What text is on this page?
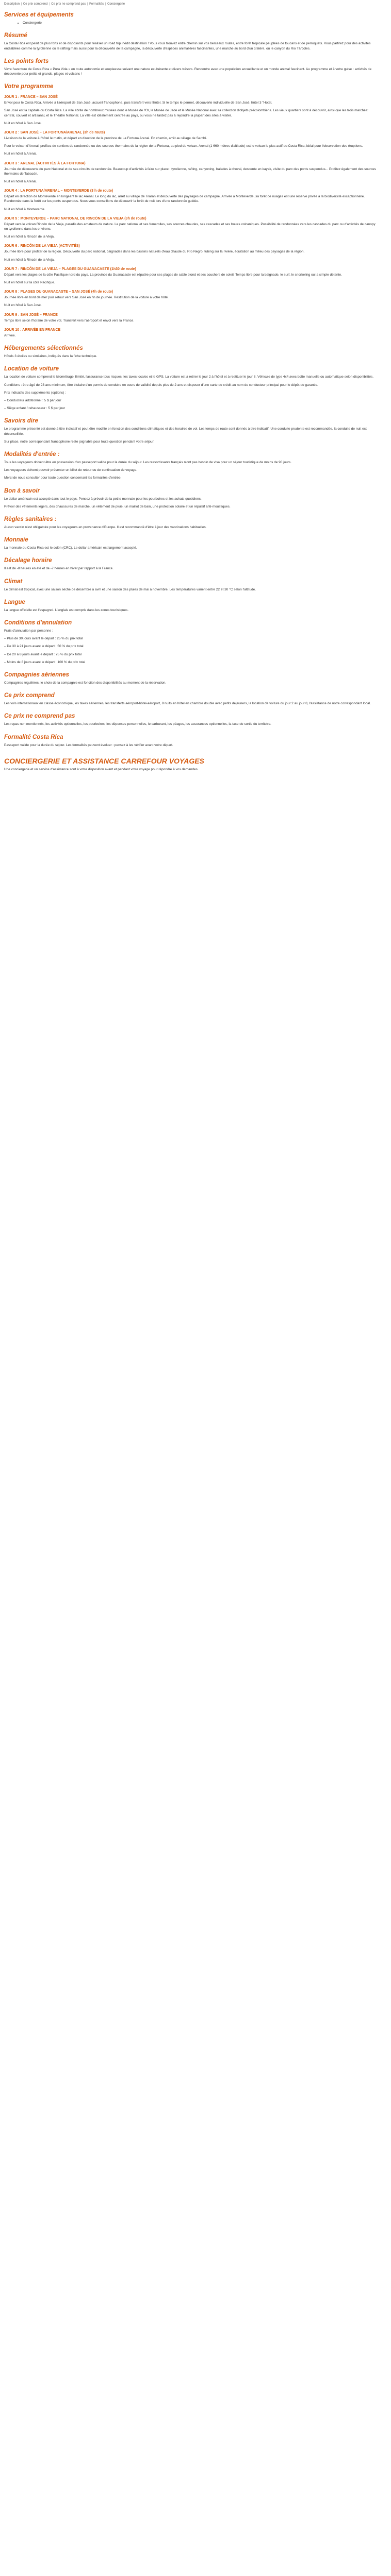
Description | Ce prix comprend | Ce prix ne comprend pas | Formalités | Conciergerie
Services et équipements
• Conciergerie
Résumé

La Costa Rica est peint de plus forts et de disposants pour réaliser un road trip inédit destination ! Vous vous trouvez entre chemin sur vos berceaux routes, entre forêt tropicale peuplées de toucans et de perroquets. Vous partirez pour des activités endiablées comme la tyrolienne ou le rafting mais aussi pour la découverte de la campagne, la découverte d'espèces animalières fascinantes, une marche au bord d'un cratère, ou le canyon du Rio Tárcoles.

Les points forts

Vivre l'aventure de Costa Rica « Pura Vida » en toute autonomie et soupleesse suivant une nature exubérante et divers trésors. Rencontre avec une population accueillante et un monde animal fascinant. Au programme et à votre guise : activités de découverte pour petits et grands, plages et volcans !

Votre programme
JOUR 1 : FRANCE – SAN JOSÉ

Envol pour le Costa Rica. Arrivée à l'aéroport de San José, accueil francophone, puis transfert vers l'hôtel. Si le temps le permet, découverte individuelle de San José, hôtel 3 "Hotel.

San José est la capitale du Costa Rica. La ville abrite de nombreux musées dont le Musée de l'Or, le Musée de Jade et le Musée National avec sa collection d'objets précolombiens. Les vieux quartiers sont à découvrir, ainsi que les trois marchés: central, couvert et artisanal, et le Théâtre National. La ville est idéalement centrée au pays, ou vous ne tardez pas à rejoindre la plupart des sites à visiter.

Nuit en hôtel à San José.

JOUR 2 : SAN JOSÉ – LA FORTUNA/ARENAL (3h de route)

Livraison de la voiture à l'hôtel le matin, et départ en direction de la province de La Fortuna Arenal. En chemin, arrêt au village de Sarchí.

Pour le volcan d'Arenal, profitez de sentiers de randonnée ou des sources thermales de la région de la Fortuna, au pied du volcan. Arenal (1 660 mètres d'altitude) est le volcan le plus actif du Costa Rica, idéal pour l'observation des éruptions.

Nuit en hôtel à Arenal.

JOUR 3 : ARENAL (ACTIVITÉS À LA FORTUNA)

Journée de découverte du parc National et de ses circuits de randonnée. Beaucoup d'activités à faire sur place : tyrolienne, rafting, canyoning, balades à cheval, descente en kayak, visite du parc des ponts suspendus... Profitez également des sources thermales de Tabacón.

Nuit en hôtel à Arenal.

JOUR 4 : LA FORTUNA/ARENAL – MONTEVERDE (3 h de route)

Départ en direction de Monteverde en longeant le lac Arenal. Le long du lac, arrêt au village de Tilarán et découverte des paysages de campagne. Arrivée à Monteverde, sa forêt de nuages est une réserve privée à la biodiversité exceptionnelle. Randonnée dans la forêt sur les ponts suspendus. Nous vous conseillons de découvrir la forêt de nuit lors d'une randonnée guidée.

Nuit en hôtel à Monteverde.

JOUR 5 : MONTEVERDE – PARC NATIONAL DE RINCÓN DE LA VIEJA (3h de route)

Départ vers le volcan Rincón de la Vieja, paradis des amateurs de nature. Le parc national et ses fumerolles, ses sources chaudes, ses cascades et ses boues volcaniques. Possibilité de randonnées vers les cascades du parc ou d'activités de canopy en tyrolienne dans les environs.

Nuit en hôtel à Rincón de la Vieja.

JOUR 6 : RINCÓN DE LA VIEJA (ACTIVITÉS)

Journée libre pour profiter de la région. Découverte du parc national, baignades dans les bassins naturels d'eau chaude du Río Negro, tubing sur la rivière, équitation au milieu des paysages de la région.

Nuit en hôtel à Rincón de la Vieja.

JOUR 7 : RINCÓN DE LA VIEJA – PLAGES DU GUANACASTE (1h30 de route)

Départ vers les plages de la côte Pacifique nord du pays. La province du Guanacaste est réputée pour ses plages de sable blond et ses couchers de soleil. Temps libre pour la baignade, le surf, le snorkeling ou la simple détente.

Nuit en hôtel sur la côte Pacifique.

JOUR 8 : PLAGES DU GUANACASTE – SAN JOSÉ (4h de route)

Journée libre en bord de mer puis retour vers San José en fin de journée. Restitution de la voiture à votre hôtel.

Nuit en hôtel à San José.

JOUR 9 : SAN JOSÉ – FRANCE

Temps libre selon l'horaire de votre vol. Transfert vers l'aéroport et envol vers la France.

JOUR 10 : ARRIVÉE EN FRANCE

Arrivée.

Hébergements sélectionnés

Hôtels 3 étoiles ou similaires, indiqués dans la fiche technique.

Location de voiture

La location de voiture comprend le kilométrage illimité, l'assurance tous risques, les taxes locales et le GPS. La voiture est à retirer le jour 2 à l'hôtel et à restituer le jour 8. Véhicule de type 4x4 avec boîte manuelle ou automatique selon disponibilités.

Conditions : être âgé de 23 ans minimum, être titulaire d'un permis de conduire en cours de validité depuis plus de 2 ans et disposer d'une carte de crédit au nom du conducteur principal pour le dépôt de garantie.

Prix indicatifs des suppléments (options) :

– Conducteur additionnel : 5 $ par jour

– Siège enfant / rehausseur : 5 $ par jour

Savoirs dire

Le programme présenté est donné à titre indicatif et peut être modifié en fonction des conditions climatiques et des horaires de vol. Les temps de route sont donnés à titre indicatif. Une conduite prudente est recommandée, la conduite de nuit est déconseillée.

Sur place, notre correspondant francophone reste joignable pour toute question pendant votre séjour.

Modalités d'entrée :

Tous les voyageurs doivent être en possession d'un passeport valide pour la durée du séjour. Les ressortissants français n'ont pas besoin de visa pour un séjour touristique de moins de 90 jours.

Les voyageurs doivent pouvoir présenter un billet de retour ou de continuation de voyage.

Merci de nous consulter pour toute question concernant les formalités d'entrée.

Bon à savoir

Le dollar américain est accepté dans tout le pays. Pensez à prévoir de la petite monnaie pour les pourboires et les achats quotidiens.

Prévoir des vêtements légers, des chaussures de marche, un vêtement de pluie, un maillot de bain, une protection solaire et un répulsif anti-moustiques.

Règles sanitaires :

Aucun vaccin n'est obligatoire pour les voyageurs en provenance d'Europe. Il est recommandé d'être à jour des vaccinations habituelles.

Monnaie

La monnaie du Costa Rica est le colón (CRC). Le dollar américain est largement accepté.

Décalage horaire

Il est de -8 heures en été et de -7 heures en hiver par rapport à la France.

Climat

Le climat est tropical, avec une saison sèche de décembre à avril et une saison des pluies de mai à novembre. Les températures varient entre 22 et 30 °C selon l'altitude.

Langue

La langue officielle est l'espagnol. L'anglais est compris dans les zones touristiques.

Conditions d'annulation

Frais d'annulation par personne :

– Plus de 30 jours avant le départ : 25 % du prix total

– De 30 à 21 jours avant le départ : 50 % du prix total

– De 20 à 8 jours avant le départ : 75 % du prix total

– Moins de 8 jours avant le départ : 100 % du prix total

Compagnies aériennes

Compagnies régulières, le choix de la compagnie est fonction des disponibilités au moment de la réservation.

Ce prix comprend

Les vols internationaux en classe économique, les taxes aériennes, les transferts aéroport-hôtel-aéroport, 8 nuits en hôtel en chambre double avec petits déjeuners, la location de voiture du jour 2 au jour 8, l'assistance de notre correspondant local.

Ce prix ne comprend pas

Les repas non mentionnés, les activités optionnelles, les pourboires, les dépenses personnelles, le carburant, les péages, les assurances optionnelles, la taxe de sortie du territoire.

Formalité Costa Rica

Passeport valide pour la durée du séjour. Les formalités peuvent évoluer : pensez à les vérifier avant votre départ.

CONCIERGERIE ET ASSISTANCE CARREFOUR VOYAGES

Une conciergerie et un service d'assistance sont à votre disposition avant et pendant votre voyage pour répondre à vos demandes.
